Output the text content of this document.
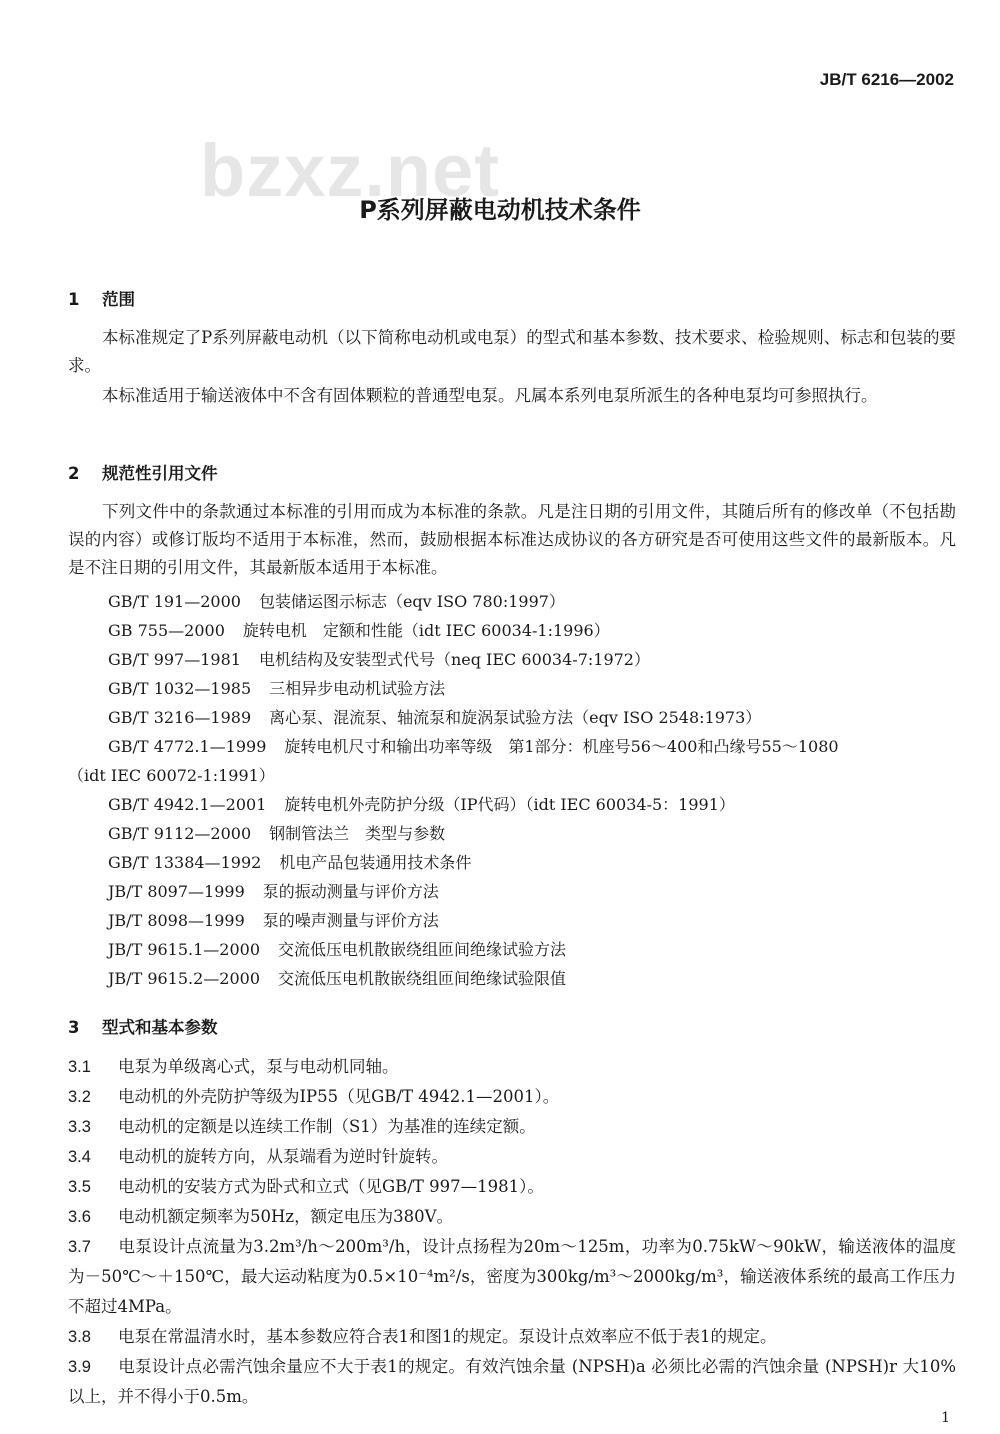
JB/T 6216—2002
bzxz.net
P系列屏蔽电动机技术条件
1 范围
本标准规定了P系列屏蔽电动机（以下简称电动机或电泵）的型式和基本参数、技术要求、检验规则、标志和包装的要求。
本标准适用于输送液体中不含有固体颗粒的普通型电泵。凡属本系列电泵所派生的各种电泵均可参照执行。
2 规范性引用文件
下列文件中的条款通过本标准的引用而成为本标准的条款。凡是注日期的引用文件，其随后所有的修改单（不包括勘误的内容）或修订版均不适用于本标准，然而，鼓励根据本标准达成协议的各方研究是否可使用这些文件的最新版本。凡是不注日期的引用文件，其最新版本适用于本标准。
GB/T 191—2000 包装储运图示标志（eqv ISO 780:1997）
GB 755—2000 旋转电机　定额和性能（idt IEC 60034-1:1996）
GB/T 997—1981 电机结构及安装型式代号（neq IEC 60034-7:1972）
GB/T 1032—1985 三相异步电动机试验方法
GB/T 3216—1989 离心泵、混流泵、轴流泵和旋涡泵试验方法（eqv ISO 2548:1973）
GB/T 4772.1—1999 旋转电机尺寸和输出功率等级　第1部分：机座号56～400和凸缘号55～1080
（idt IEC 60072-1:1991）
GB/T 4942.1—2001 旋转电机外壳防护分级（IP代码）（idt IEC 60034-5：1991）
GB/T 9112—2000 钢制管法兰　类型与参数
GB/T 13384—1992 机电产品包装通用技术条件
JB/T 8097—1999 泵的振动测量与评价方法
JB/T 8098—1999 泵的噪声测量与评价方法
JB/T 9615.1—2000 交流低压电机散嵌绕组匝间绝缘试验方法
JB/T 9615.2—2000 交流低压电机散嵌绕组匝间绝缘试验限值
3 型式和基本参数
3.1 电泵为单级离心式，泵与电动机同轴。
3.2 电动机的外壳防护等级为IP55（见GB/T 4942.1—2001）。
3.3 电动机的定额是以连续工作制（S1）为基准的连续定额。
3.4 电动机的旋转方向，从泵端看为逆时针旋转。
3.5 电动机的安装方式为卧式和立式（见GB/T 997—1981）。
3.6 电动机额定频率为50Hz，额定电压为380V。
3.7 电泵设计点流量为3.2m³/h～200m³/h，设计点扬程为20m～125m，功率为0.75kW～90kW，输送液体的温度为－50℃～＋150℃，最大运动粘度为0.5×10⁻⁴m²/s，密度为300kg/m³～2000kg/m³，输送液体系统的最高工作压力不超过4MPa。
3.8 电泵在常温清水时，基本参数应符合表1和图1的规定。泵设计点效率应不低于表1的规定。
3.9 电泵设计点必需汽蚀余量应不大于表1的规定。有效汽蚀余量 (NPSH)a 必须比必需的汽蚀余量 (NPSH)r 大10%以上，并不得小于0.5m。
1
